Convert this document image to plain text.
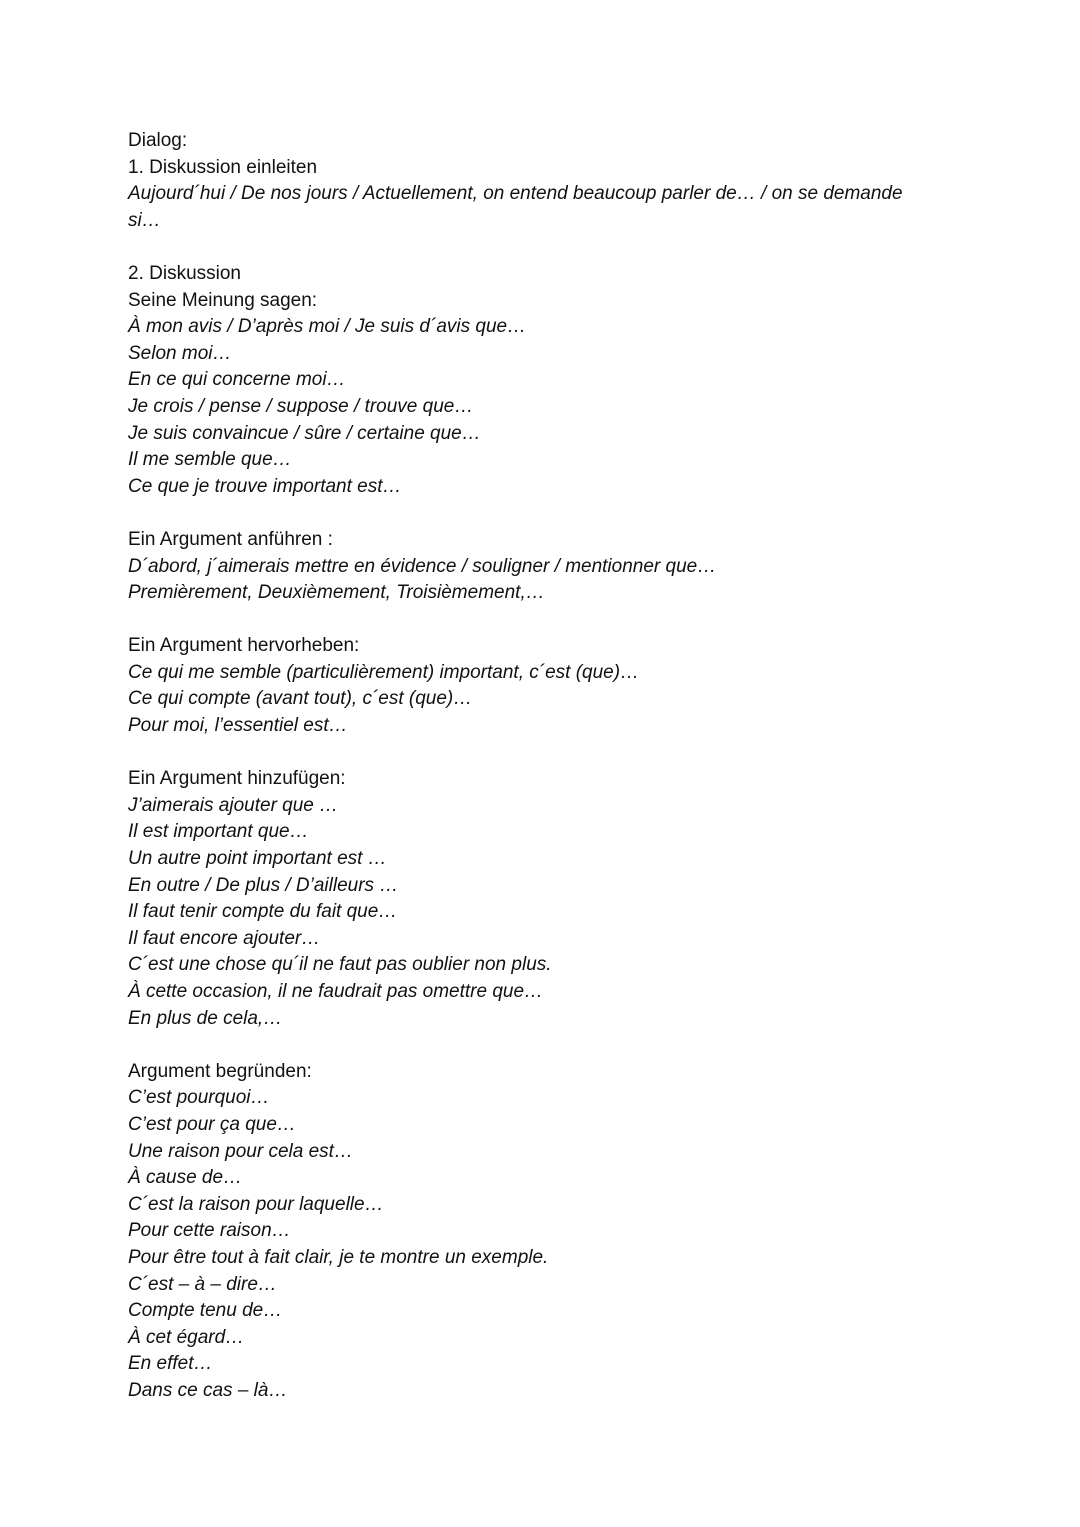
Dialog:

1. Diskussion einleiten

Aujourd´hui / De nos jours / Actuellement, on entend beaucoup parler de… / on se demande

si…

2. Diskussion

Seine Meinung sagen:

À mon avis / D’après moi / Je suis d´avis que…

Selon moi…

En ce qui concerne moi…

Je crois / pense / suppose / trouve que…

Je suis convaincue / sûre / certaine que…

Il me semble que…

Ce que je trouve important est…

Ein Argument anführen :

D´abord, j´aimerais mettre en évidence / souligner / mentionner que…

Premièrement, Deuxièmement, Troisièmement,…

Ein Argument hervorheben:

Ce qui me semble (particulièrement) important, c´est (que)…

Ce qui compte (avant tout), c´est (que)…

Pour moi, l’essentiel est…

Ein Argument hinzufügen:

J’aimerais ajouter que …

Il est important que…

Un autre point important est …

En outre / De plus / D’ailleurs …

Il faut tenir compte du fait que…

Il faut encore ajouter…

C´est une chose qu´il ne faut pas oublier non plus.

À cette occasion, il ne faudrait pas omettre que…

En plus de cela,…

Argument begründen:

C’est pourquoi…

C’est pour ça que…

Une raison pour cela est…

À cause de…

C´est la raison pour laquelle…

Pour cette raison…

Pour être tout à fait clair, je te montre un exemple.

C´est – à – dire…

Compte tenu de…

À cet égard…

En effet…

Dans ce cas – là…
